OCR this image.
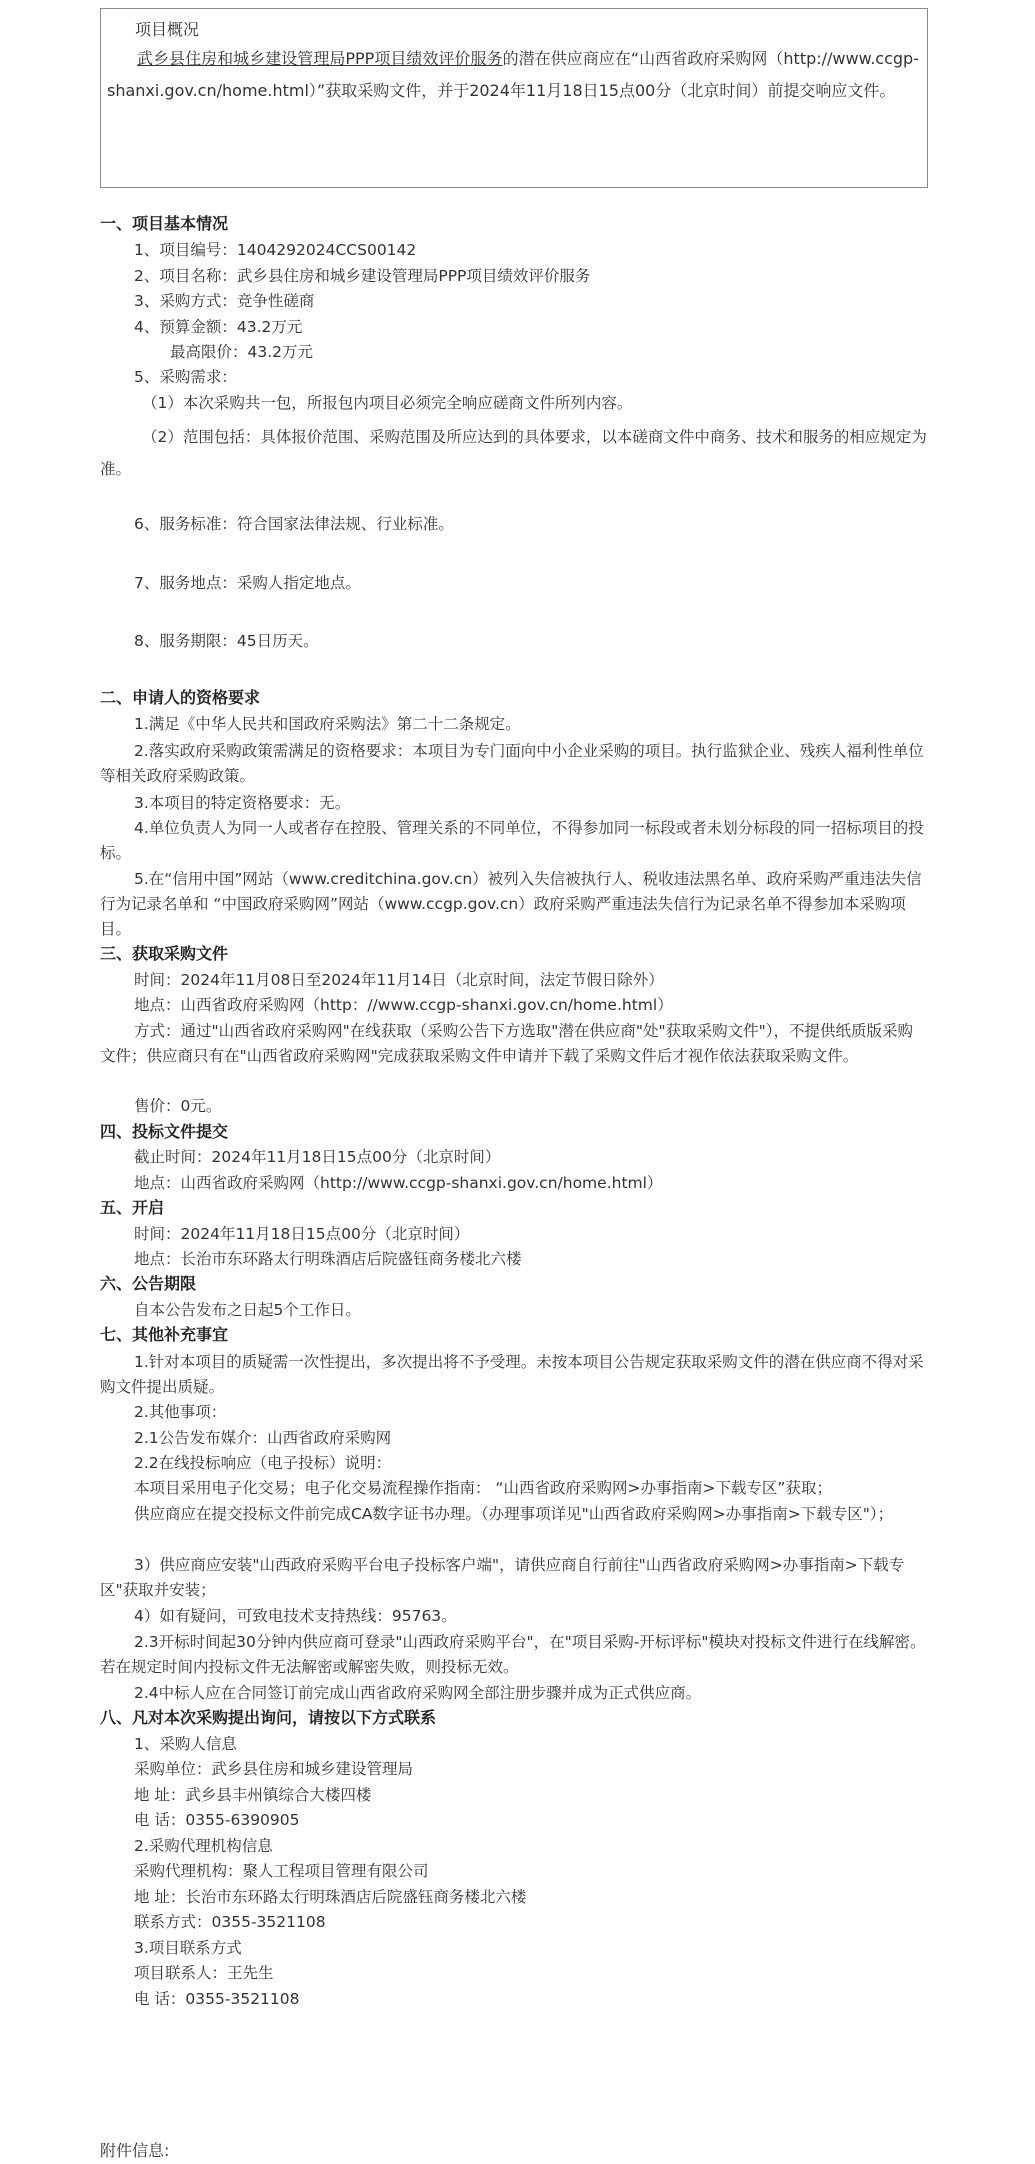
项目概况
武乡县住房和城乡建设管理局PPP项目绩效评价服务的潜在供应商应在“山西省政府采购网（http://www.ccgp-shanxi.gov.cn/home.html）”获取采购文件，并于2024年11月18日15点00分（北京时间）前提交响应文件。
一、项目基本情况
1、项目编号：1404292024CCS00142
2、项目名称：武乡县住房和城乡建设管理局PPP项目绩效评价服务
3、采购方式：竞争性磋商
4、预算金额：43.2万元
最高限价：43.2万元
5、采购需求：
（1）本次采购共一包，所报包内项目必须完全响应磋商文件所列内容。
（2）范围包括：具体报价范围、采购范围及所应达到的具体要求，以本磋商文件中商务、技术和服务的相应规定为准。
6、服务标准：符合国家法律法规、行业标准。
7、服务地点：采购人指定地点。
8、服务期限：45日历天。
二、申请人的资格要求
1.满足《中华人民共和国政府采购法》第二十二条规定。
2.落实政府采购政策需满足的资格要求：本项目为专门面向中小企业采购的项目。执行监狱企业、残疾人福利性单位等相关政府采购政策。
3.本项目的特定资格要求：无。
4.单位负责人为同一人或者存在控股、管理关系的不同单位，不得参加同一标段或者未划分标段的同一招标项目的投标。
5.在“信用中国”网站（www.creditchina.gov.cn）被列入失信被执行人、税收违法黑名单、政府采购严重违法失信行为记录名单和 “中国政府采购网”网站（www.ccgp.gov.cn）政府采购严重违法失信行为记录名单不得参加本采购项目。
三、获取采购文件
时间：2024年11月08日至2024年11月14日（北京时间，法定节假日除外）
地点：山西省政府采购网（http：//www.ccgp-shanxi.gov.cn/home.html）
方式：通过"山西省政府采购网"在线获取（采购公告下方选取"潜在供应商"处"获取采购文件"），不提供纸质版采购文件；供应商只有在"山西省政府采购网"完成获取采购文件申请并下载了采购文件后才视作依法获取采购文件。
售价：0元。
四、投标文件提交
截止时间：2024年11月18日15点00分（北京时间）
地点：山西省政府采购网（http://www.ccgp-shanxi.gov.cn/home.html）
五、开启
时间：2024年11月18日15点00分（北京时间）
地点：长治市东环路太行明珠酒店后院盛钰商务楼北六楼
六、公告期限
自本公告发布之日起5个工作日。
七、其他补充事宜
1.针对本项目的质疑需一次性提出，多次提出将不予受理。未按本项目公告规定获取采购文件的潜在供应商不得对采购文件提出质疑。
2.其他事项：
2.1公告发布媒介：山西省政府采购网
2.2在线投标响应（电子投标）说明：
本项目采用电子化交易；电子化交易流程操作指南： “山西省政府采购网>办事指南>下载专区”获取；
供应商应在提交投标文件前完成CA数字证书办理。（办理事项详见"山西省政府采购网>办事指南>下载专区"）；
3）供应商应安装"山西政府采购平台电子投标客户端"，请供应商自行前往"山西省政府采购网>办事指南>下载专区"获取并安装；
4）如有疑问，可致电技术支持热线：95763。
2.3开标时间起30分钟内供应商可登录"山西政府采购平台"，在"项目采购-开标评标"模块对投标文件进行在线解密。若在规定时间内投标文件无法解密或解密失败，则投标无效。
2.4中标人应在合同签订前完成山西省政府采购网全部注册步骤并成为正式供应商。
八、凡对本次采购提出询问，请按以下方式联系
1、采购人信息
采购单位：武乡县住房和城乡建设管理局
地 址：武乡县丰州镇综合大楼四楼
电 话：0355-6390905
2.采购代理机构信息
采购代理机构：聚人工程项目管理有限公司
地 址：长治市东环路太行明珠酒店后院盛钰商务楼北六楼
联系方式：0355-3521108
3.项目联系方式
项目联系人：王先生
电 话：0355-3521108
附件信息:
